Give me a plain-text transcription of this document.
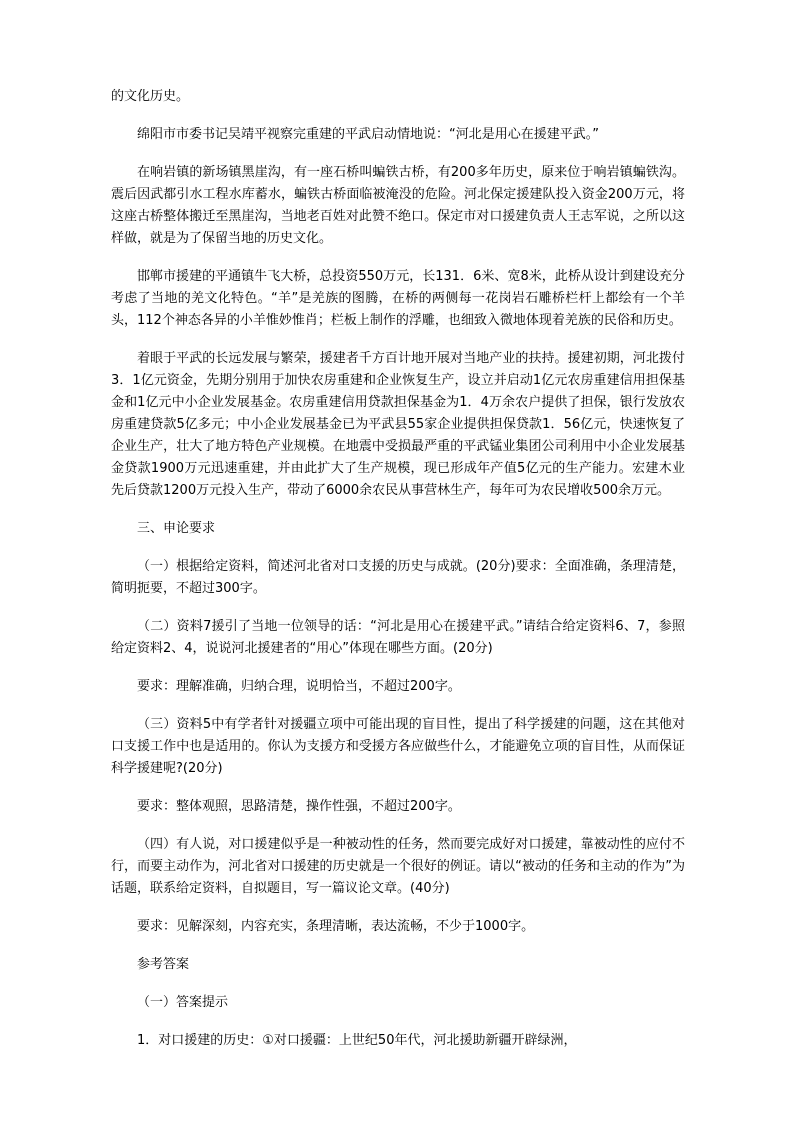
的文化历史。

绵阳市市委书记吴靖平视察完重建的平武启动情地说：“河北是用心在援建平武。”

在响岩镇的新场镇黑崖沟，有一座石桥叫蝙铁古桥，有200多年历史，原来位于响岩镇蝙铁沟。震后因武都引水工程水库蓄水，蝙铁古桥面临被淹没的危险。河北保定援建队投入资金200万元，将这座古桥整体搬迁至黑崖沟，当地老百姓对此赞不绝口。保定市对口援建负责人王志军说，之所以这样做，就是为了保留当地的历史文化。

邯郸市援建的平通镇牛飞大桥，总投资550万元，长131．6米、宽8米，此桥从设计到建设充分考虑了当地的羌文化特色。“羊”是羌族的图腾，在桥的两侧每一花岗岩石雕桥栏杆上都绘有一个羊头，112个神态各异的小羊惟妙惟肖；栏板上制作的浮雕，也细致入微地体现着羌族的民俗和历史。

着眼于平武的长远发展与繁荣，援建者千方百计地开展对当地产业的扶持。援建初期，河北拨付3．1亿元资金，先期分别用于加快农房重建和企业恢复生产，设立并启动1亿元农房重建信用担保基金和1亿元中小企业发展基金。农房重建信用贷款担保基金为1．4万余农户提供了担保，银行发放农房重建贷款5亿多元；中小企业发展基金已为平武县55家企业提供担保贷款1．56亿元，快速恢复了企业生产，壮大了地方特色产业规模。在地震中受损最严重的平武锰业集团公司利用中小企业发展基金贷款1900万元迅速重建，并由此扩大了生产规模，现已形成年产值5亿元的生产能力。宏建木业先后贷款1200万元投入生产，带动了6000余农民从事营林生产，每年可为农民增收500余万元。

三、申论要求

（一）根据给定资料，简述河北省对口支援的历史与成就。(20分)要求：全面准确，条理清楚，简明扼要，不超过300字。

（二）资料7援引了当地一位领导的话：“河北是用心在援建平武。”请结合给定资料6、7，参照给定资料2、4，说说河北援建者的“用心”体现在哪些方面。(20分)

要求：理解准确，归纳合理，说明恰当，不超过200字。

（三）资料5中有学者针对援疆立项中可能出现的盲目性，提出了科学援建的问题，这在其他对口支援工作中也是适用的。你认为支援方和受援方各应做些什么，才能避免立项的盲目性，从而保证科学援建呢?(20分)

要求：整体观照，思路清楚，操作性强，不超过200字。

（四）有人说，对口援建似乎是一种被动性的任务，然而要完成好对口援建，靠被动性的应付不行，而要主动作为，河北省对口援建的历史就是一个很好的例证。请以“被动的任务和主动的作为”为话题，联系给定资料，自拟题目，写一篇议论文章。(40分)

要求：见解深刻，内容充实，条理清晰，表达流畅，不少于1000字。

参考答案

（一）答案提示

1．对口援建的历史：①对口援疆：上世纪50年代，河北援助新疆开辟绿洲，
